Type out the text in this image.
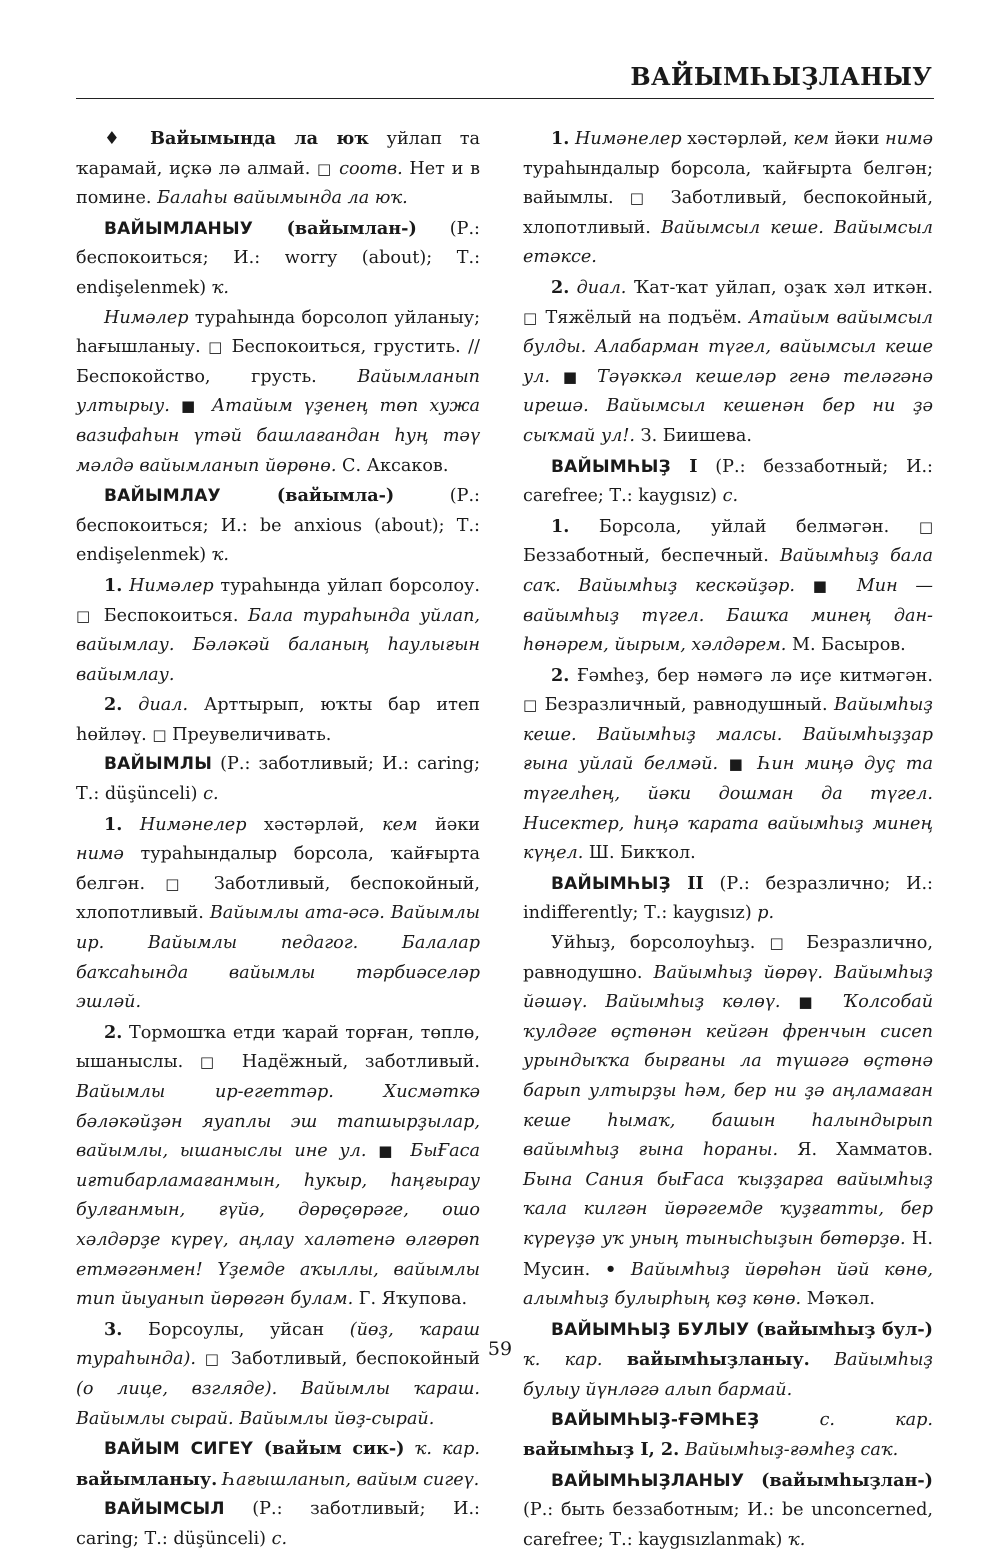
ВАЙЫМҺЫҘЛАНЫУ

♦ Вайымында ла юҡ уйлап та ҡарамай, иҫкә лә алмай. □ соотв. Нет и в помине. Балаһы вайымында ла юҡ.

ВАЙЫМЛАНЫУ (вайымлан-) (Р.: беспокоиться; И.: worry (about); Т.: endişelenmek) ҡ.

Нимәлер тураһында борсолоп уйланыу; һағышланыу. □ Беспокоиться, грустить. // Беспокойство, грусть. Вайымланып ултырыу. ■ Атайым үҙенең төп хужа вазифаһын үтәй башлағандан һуң тәү мәлдә вайымланып йөрөнө. С. Аксаков.

ВАЙЫМЛАУ (вайымла-) (Р.: беспокоиться; И.: be anxious (about); Т.: endişelenmek) ҡ.

1. Нимәлер тураһында уйлап борсолоу. □ Беспокоиться. Бала тураһында уйлап, вайымлау. Бәләкәй баланың һаулығын вайымлау.

2. диал. Арттырып, юҡты бар итеп һөйләү. □ Преувеличивать.

ВАЙЫМЛЫ (Р.: заботливый; И.: caring; Т.: düşünceli) с.

1. Нимәнелер хәстәрләй, кем йәки нимә тураһындалыр борсола, ҡайғырта белгән. □ Заботливый, беспокойный, хлопотливый. Вайымлы ата-әсә. Вайымлы ир. Вайымлы педагог. Балалар баҡсаһында вайымлы тәрбиәселәр эшләй.

2. Тормошҡа етди ҡарай торған, төплө, ышаныслы. □ Надёжный, заботливый. Вайымлы ир-егеттәр. Хисмәткә бәләкәйҙән яуаплы эш тапшырҙылар, вайымлы, ышаныслы ине ул. ■ БыҒаса иғтибарламағанмын, һукыр, һаңғырау булғанмын, ғүйә, дөрөҫөрәге, ошо хәлдәрҙе күреү, аңлау халәтенә өлгөрөп етмәгәнмен! Үҙемде аҡыллы, вайымлы тип йыуанып йөрөгән булам. Г. Яҡупова.

3. Борсоулы, уйсан (йөҙ, ҡараш тураһында). □ Заботливый, беспокойный (о лице, взгляде). Вайымлы ҡараш. Вайымлы сырай. Вайымлы йөҙ-сырай.

ВАЙЫМ СИГЕҮ (вайым сик-) ҡ. кар. вайымланыу. Һағышланып, вайым сигеү.

ВАЙЫМСЫЛ (Р.: заботливый; И.: caring; Т.: düşünceli) с.

1. Нимәнелер хәстәрләй, кем йәки нимә тураһындалыр борсола, ҡайғырта белгән; вайымлы. □ Заботливый, беспокойный, хлопотливый. Вайымсыл кеше. Вайымсыл етәксе.

2. диал. Ҡат-ҡат уйлап, оҙаҡ хәл иткән. □ Тяжёлый на подъём. Атайым вайымсыл булды. Алабарман түгел, вайымсыл кеше ул. ■ Тәүәккәл кешеләр генә теләгәнә ирешә. Вайымсыл кешенән бер ни ҙә сыҡмай ул!. З. Биишева.

ВАЙЫМҺЫҘ I (Р.: беззаботный; И.: carefree; Т.: kaygısız) с.

1. Борсола, уйлай белмәгән. □ Беззаботный, беспечный. Вайымһыҙ бала саҡ. Вайымһыҙ кескәйҙәр. ■ Мин — вайымһыҙ түгел. Башҡа минең дан-һөнәрем, йырым, хәлдәрем. М. Басыров.

2. Ғәмһеҙ, бер нәмәгә лә иҫе китмәгән. □ Безразличный, равнодушный. Вайымһыҙ кеше. Вайымһыҙ малсы. Вайымһыҙҙар ғына уйлай белмәй. ■ Һин миңә дуҫ та түгелһең, йәки дошман да түгел. Нисектер, һиңә ҡарата вайымһыҙ минең күңел. Ш. Бикҡол.

ВАЙЫМҺЫҘ II (Р.: безразлично; И.: indifferently; Т.: kaygısız) р.

Уйһыҙ, борсолоуһыҙ. □ Безразлично, равнодушно. Вайымһыҙ йөрөү. Вайымһыҙ йәшәү. Вайымһыҙ көлөү. ■ Ҡолсобай ҡулдәге өҫтөнән кейгән френчын сисеп урындыҡҡа бырғаны ла түшәгә өҫтөнә барып ултырҙы һәм, бер ни ҙә аңламаған кеше һымаҡ, башын һалындырып вайымһыҙ ғына һораны. Я. Хамматов. Бына Сания быҒаса ҡыҙҙарға вайымһыҙ ҡала килгән йөрәгемде ҡуҙғатты, бер күреүҙә уҡ уның тынысһыҙын бөтөрҙө. Н. Мусин. • Вайымһыҙ йөрөһән йәй көнө, алымһыҙ булырһың көҙ көнө. Мәҡәл.

ВАЙЫМҺЫҘ БУЛЫУ (вайымһыҙ бул-) ҡ. кар. вайымһыҙланыу. Вайымһыҙ булыу йүнләгә алып бармай.

ВАЙЫМҺЫҘ-ҒӘМҺЕҘ	с. кар. вайымһыҙ I, 2. Вайымһыҙ-ғәмһеҙ саҡ.

ВАЙЫМҺЫҘЛАНЫУ (вайымһыҙлан-) (Р.: быть беззаботным; И.: be unconcerned, carefree; Т.: kaygısızlanmak) ҡ.

59
